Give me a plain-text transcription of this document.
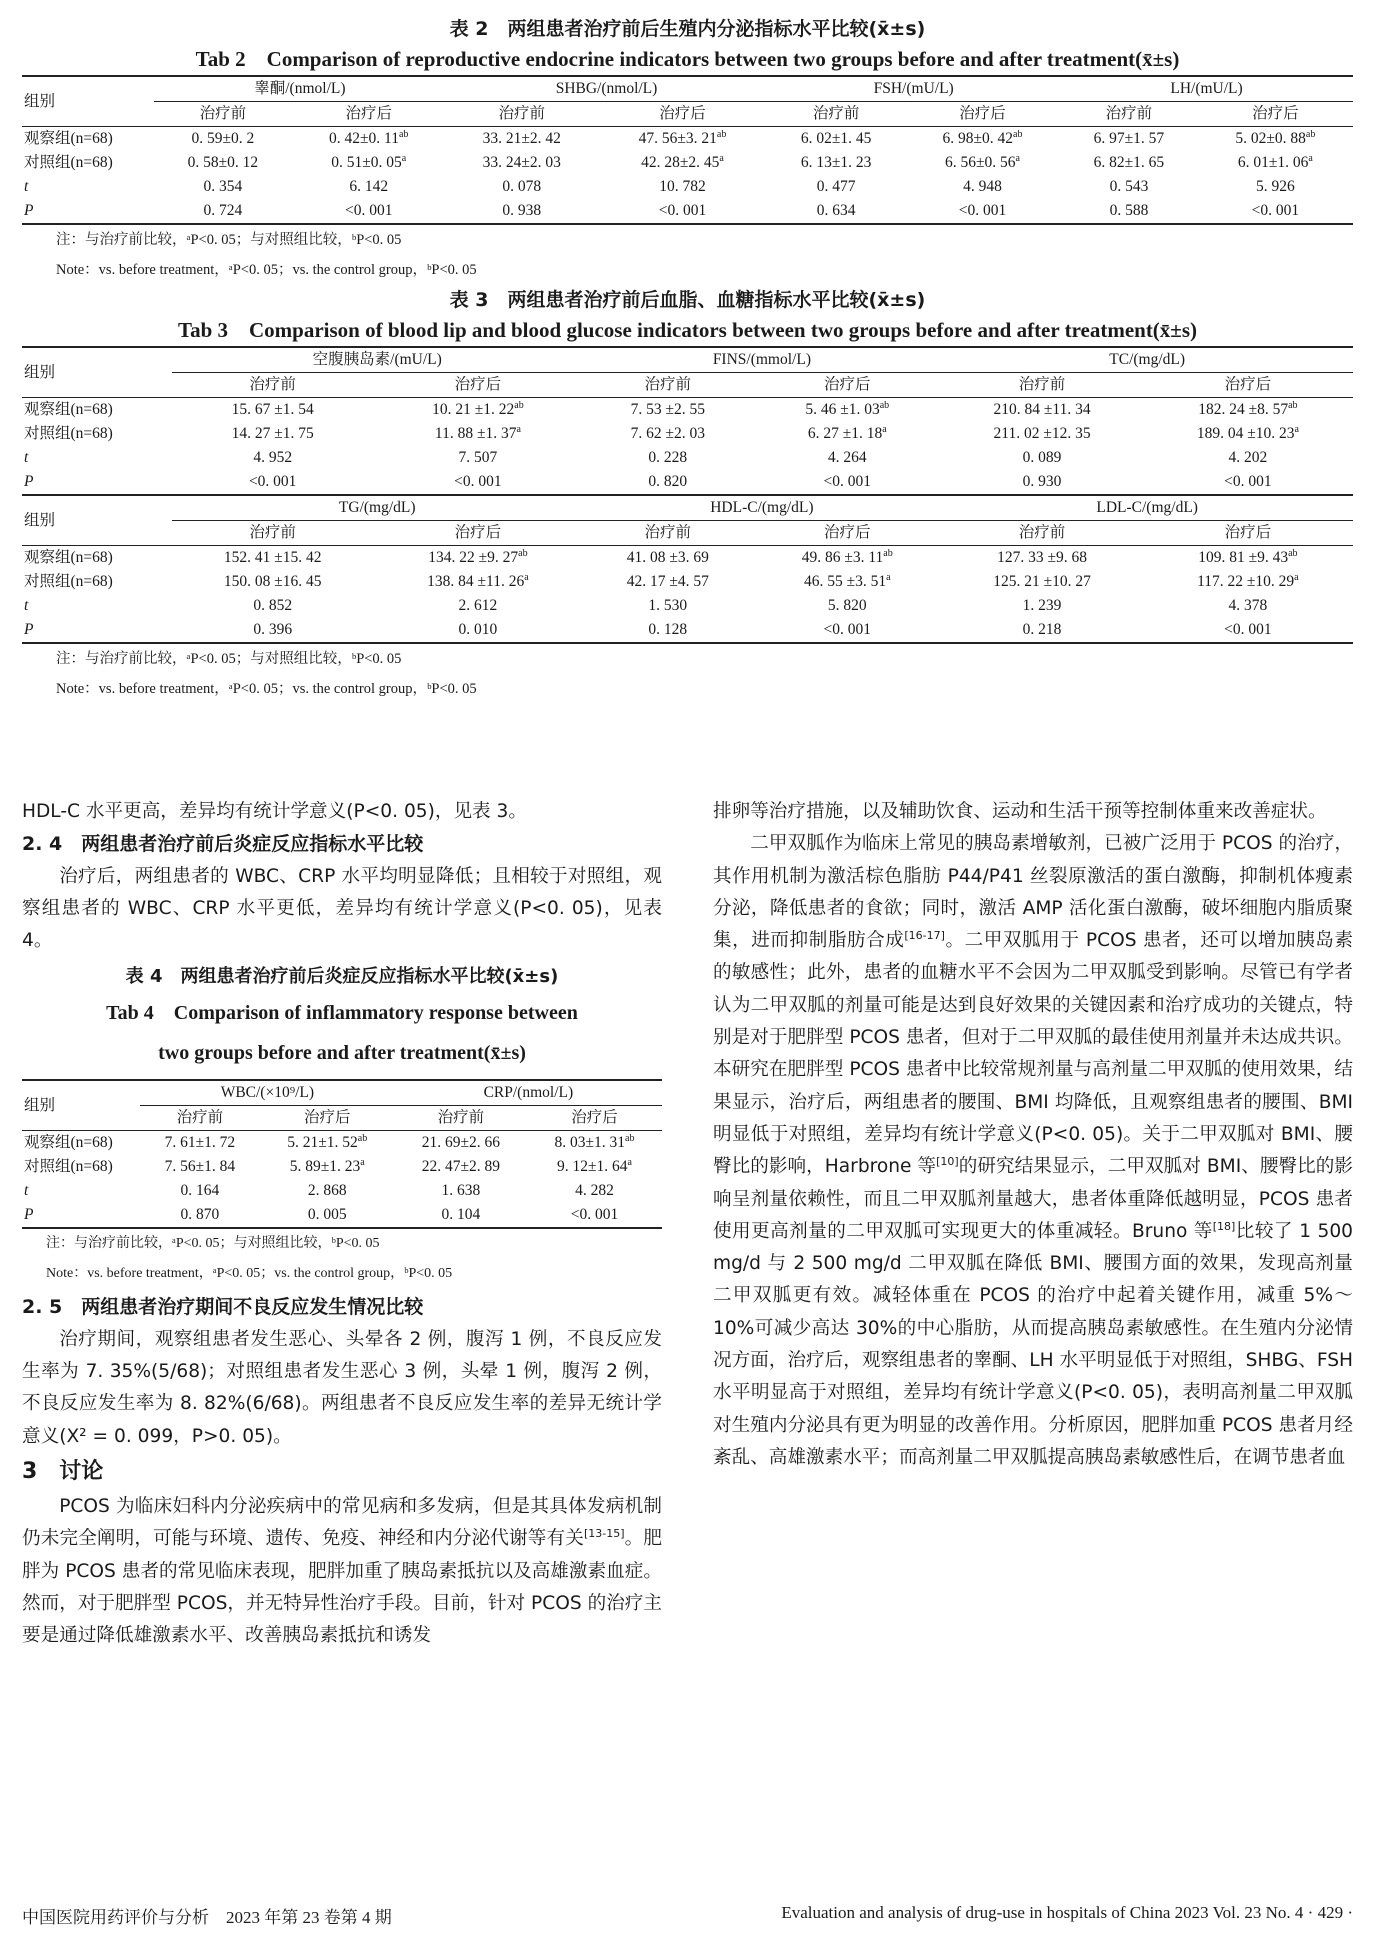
表 2　两组患者治疗前后生殖内分泌指标水平比较(x̄±s)
Tab 2　Comparison of reproductive endocrine indicators between two groups before and after treatment(x̄±s)
组别	睾酮/(nmol/L)		SHBG/(nmol/L)		FSH/(mU/L)		LH/(mU/L)	
	治疗前	治疗后	治疗前	治疗后	治疗前	治疗后	治疗前	治疗后
观察组(n=68)	0. 59±0. 2	0. 42±0. $11^{ab}$	33. 21±2. 42	47. 56±3. $21^{ab}$	6. 02±1. 45	6. 98±0. $42^{ab}$	6. 97±1. 57	5. 02±0. $88^{ab}$
对照组(n=68)	0. 58±0. 12	0. 51±0. 05$^a$	33. 24±2. 03	42. 28±2. 45$^a$	6. 13±1. 23	6. 56±0. 56$^a$	6. 82±1. 65	6. 01±1. 06$^a$
t	0. 354	6. 142	0. 078	10. 782	0. 477	4. 948	0. 543	5. 926
P	0. 724	<0. 001	0. 938	<0. 001	0. 634	<0. 001	0. 588	<0. 001
注：与治疗前比较，ᵃP<0. 05；与对照组比较，ᵇP<0. 05
Note：vs. before treatment，ᵃP<0. 05；vs. the control group，ᵇP<0. 05
表 3　两组患者治疗前后血脂、血糖指标水平比较(x̄±s)
Tab 3　Comparison of blood lip and blood glucose indicators between two groups before and after treatment(x̄±s)
组别	空腹胰岛素/(mU/L)		FINS/(mmol/L)		TC/(mg/dL)	
	治疗前	治疗后	治疗前	治疗后	治疗前	治疗后
观察组(n=68)	15. 67 ±1. 54	10. 21 ±1. $22^{ab}$	7. 53 ±2. 55	5. 46 ±1. $03^{ab}$	210. 84 ±11. 34	182. 24 ±8. $57^{ab}$
对照组(n=68)	14. 27 ±1. 75	11. 88 ±1. 37$^a$	7. 62 ±2. 03	6. 27 ±1. 18$^a$	211. 02 ±12. 35	189. 04 ±10. 23$^a$
t	4. 952	7. 507	0. 228	4. 264	0. 089	4. 202
P	<0. 001	<0. 001	0. 820	<0. 001	0. 930	<0. 001
组别	TG/(mg/dL)		HDL-C/(mg/dL)		LDL-C/(mg/dL)	
	治疗前	治疗后	治疗前	治疗后	治疗前	治疗后
观察组(n=68)	152. 41 ±15. 42	134. 22 ±9. $27^{ab}$	41. 08 ±3. 69	49. 86 ±3. $11^{ab}$	127. 33 ±9. 68	109. 81 ±9. $43^{ab}$
对照组(n=68)	150. 08 ±16. 45	138. 84 ±11. 26$^a$	42. 17 ±4. 57	46. 55 ±3. 51$^a$	125. 21 ±10. 27	117. 22 ±10. 29$^a$
t	0. 852	2. 612	1. 530	5. 820	1. 239	4. 378
P	0. 396	0. 010	0. 128	<0. 001	0. 218	<0. 001
注：与治疗前比较，ᵃP<0. 05；与对照组比较，ᵇP<0. 05
Note：vs. before treatment，ᵃP<0. 05；vs. the control group，ᵇP<0. 05

HDL-C 水平更高，差异均有统计学意义(P<0. 05)，见表 3。

2. 4　两组患者治疗前后炎症反应指标水平比较

治疗后，两组患者的 WBC、CRP 水平均明显降低；且相较于对照组，观察组患者的 WBC、CRP 水平更低，差异均有统计学意义(P<0. 05)，见表 4。

表 4　两组患者治疗前后炎症反应指标水平比较(x̄±s)
Tab 4　Comparison of inflammatory response between
two groups before and after treatment(x̄±s)
组别	WBC/(×10⁹/L)		CRP/(nmol/L)	
	治疗前	治疗后	治疗前	治疗后
观察组(n=68)	7. 61±1. 72	5. 21±1. $52^{ab}$	21. 69±2. 66	8. 03±1. $31^{ab}$
对照组(n=68)	7. 56±1. 84	5. 89±1. 23$^a$	22. 47±2. 89	9. 12±1. 64$^a$
t	0. 164	2. 868	1. 638	4. 282
P	0. 870	0. 005	0. 104	<0. 001
注：与治疗前比较，ᵃP<0. 05；与对照组比较，ᵇP<0. 05
Note：vs. before treatment，ᵃP<0. 05；vs. the control group，ᵇP<0. 05

2. 5　两组患者治疗期间不良反应发生情况比较

治疗期间，观察组患者发生恶心、头晕各 2 例，腹泻 1 例，不良反应发生率为 7. 35%(5/68)；对照组患者发生恶心 3 例，头晕 1 例，腹泻 2 例，不良反应发生率为 8. 82%(6/68)。两组患者不良反应发生率的差异无统计学意义(Χ² = 0. 099，P>0. 05)。

3　讨论

PCOS 为临床妇科内分泌疾病中的常见病和多发病，但是其具体发病机制仍未完全阐明，可能与环境、遗传、免疫、神经和内分泌代谢等有关[13-15]。肥胖为 PCOS 患者的常见临床表现，肥胖加重了胰岛素抵抗以及高雄激素血症。然而，对于肥胖型 PCOS，并无特异性治疗手段。目前，针对 PCOS 的治疗主要是通过降低雄激素水平、改善胰岛素抵抗和诱发

排卵等治疗措施，以及辅助饮食、运动和生活干预等控制体重来改善症状。

二甲双胍作为临床上常见的胰岛素增敏剂，已被广泛用于 PCOS 的治疗，其作用机制为激活棕色脂肪 P44/P41 丝裂原激活的蛋白激酶，抑制机体瘦素分泌，降低患者的食欲；同时，激活 AMP 活化蛋白激酶，破坏细胞内脂质聚集，进而抑制脂肪合成[16-17]。二甲双胍用于 PCOS 患者，还可以增加胰岛素的敏感性；此外，患者的血糖水平不会因为二甲双胍受到影响。尽管已有学者认为二甲双胍的剂量可能是达到良好效果的关键因素和治疗成功的关键点，特别是对于肥胖型 PCOS 患者，但对于二甲双胍的最佳使用剂量并未达成共识。本研究在肥胖型 PCOS 患者中比较常规剂量与高剂量二甲双胍的使用效果，结果显示，治疗后，两组患者的腰围、BMI 均降低，且观察组患者的腰围、BMI 明显低于对照组，差异均有统计学意义(P<0. 05)。关于二甲双胍对 BMI、腰臀比的影响，Harbrone 等[10]的研究结果显示，二甲双胍对 BMI、腰臀比的影响呈剂量依赖性，而且二甲双胍剂量越大，患者体重降低越明显，PCOS 患者使用更高剂量的二甲双胍可实现更大的体重减轻。Bruno 等[18]比较了 1 500 mg/d 与 2 500 mg/d 二甲双胍在降低 BMI、腰围方面的效果，发现高剂量二甲双胍更有效。减轻体重在 PCOS 的治疗中起着关键作用，减重 5%～10%可减少高达 30%的中心脂肪，从而提高胰岛素敏感性。在生殖内分泌情况方面，治疗后，观察组患者的睾酮、LH 水平明显低于对照组，SHBG、FSH 水平明显高于对照组，差异均有统计学意义(P<0. 05)，表明高剂量二甲双胍对生殖内分泌具有更为明显的改善作用。分析原因，肥胖加重 PCOS 患者月经紊乱、高雄激素水平；而高剂量二甲双胍提高胰岛素敏感性后，在调节患者血

中国医院用药评价与分析　2023 年第 23 卷第 4 期	Evaluation and analysis of drug-use in hospitals of China 2023 Vol. 23 No. 4 · 429 ·
